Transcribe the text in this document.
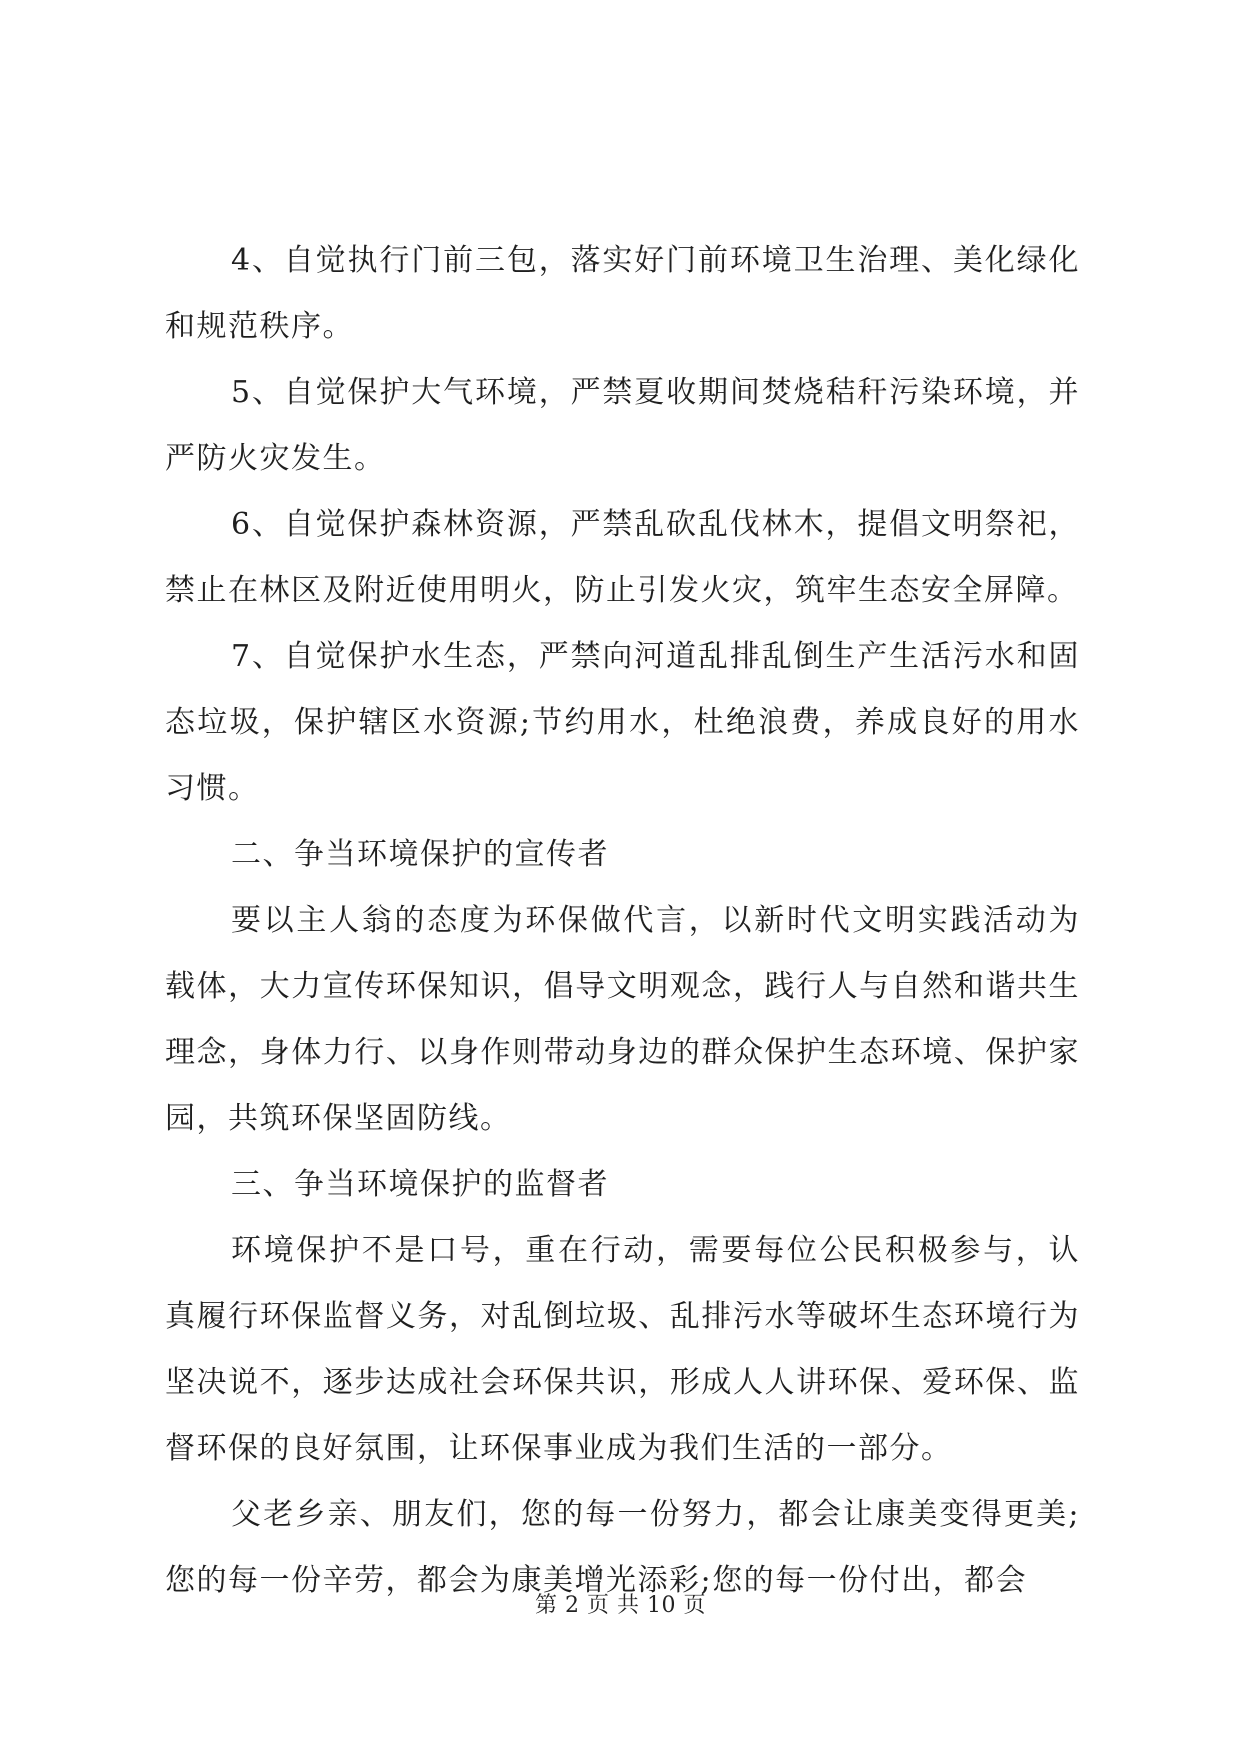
4、自觉执行门前三包，落实好门前环境卫生治理、美化绿化和规范秩序。

5、自觉保护大气环境，严禁夏收期间焚烧秸秆污染环境，并严防火灾发生。

6、自觉保护森林资源，严禁乱砍乱伐林木，提倡文明祭祀，禁止在林区及附近使用明火，防止引发火灾，筑牢生态安全屏障。

7、自觉保护水生态，严禁向河道乱排乱倒生产生活污水和固态垃圾，保护辖区水资源;节约用水，杜绝浪费，养成良好的用水习惯。

二、争当环境保护的宣传者

要以主人翁的态度为环保做代言，以新时代文明实践活动为载体，大力宣传环保知识，倡导文明观念，践行人与自然和谐共生理念，身体力行、以身作则带动身边的群众保护生态环境、保护家园，共筑环保坚固防线。

三、争当环境保护的监督者

环境保护不是口号，重在行动，需要每位公民积极参与，认真履行环保监督义务，对乱倒垃圾、乱排污水等破坏生态环境行为坚决说不，逐步达成社会环保共识，形成人人讲环保、爱环保、监督环保的良好氛围，让环保事业成为我们生活的一部分。

父老乡亲、朋友们，您的每一份努力，都会让康美变得更美;您的每一份辛劳，都会为康美增光添彩;您的每一份付出，都会

第 2 页 共 10 页
